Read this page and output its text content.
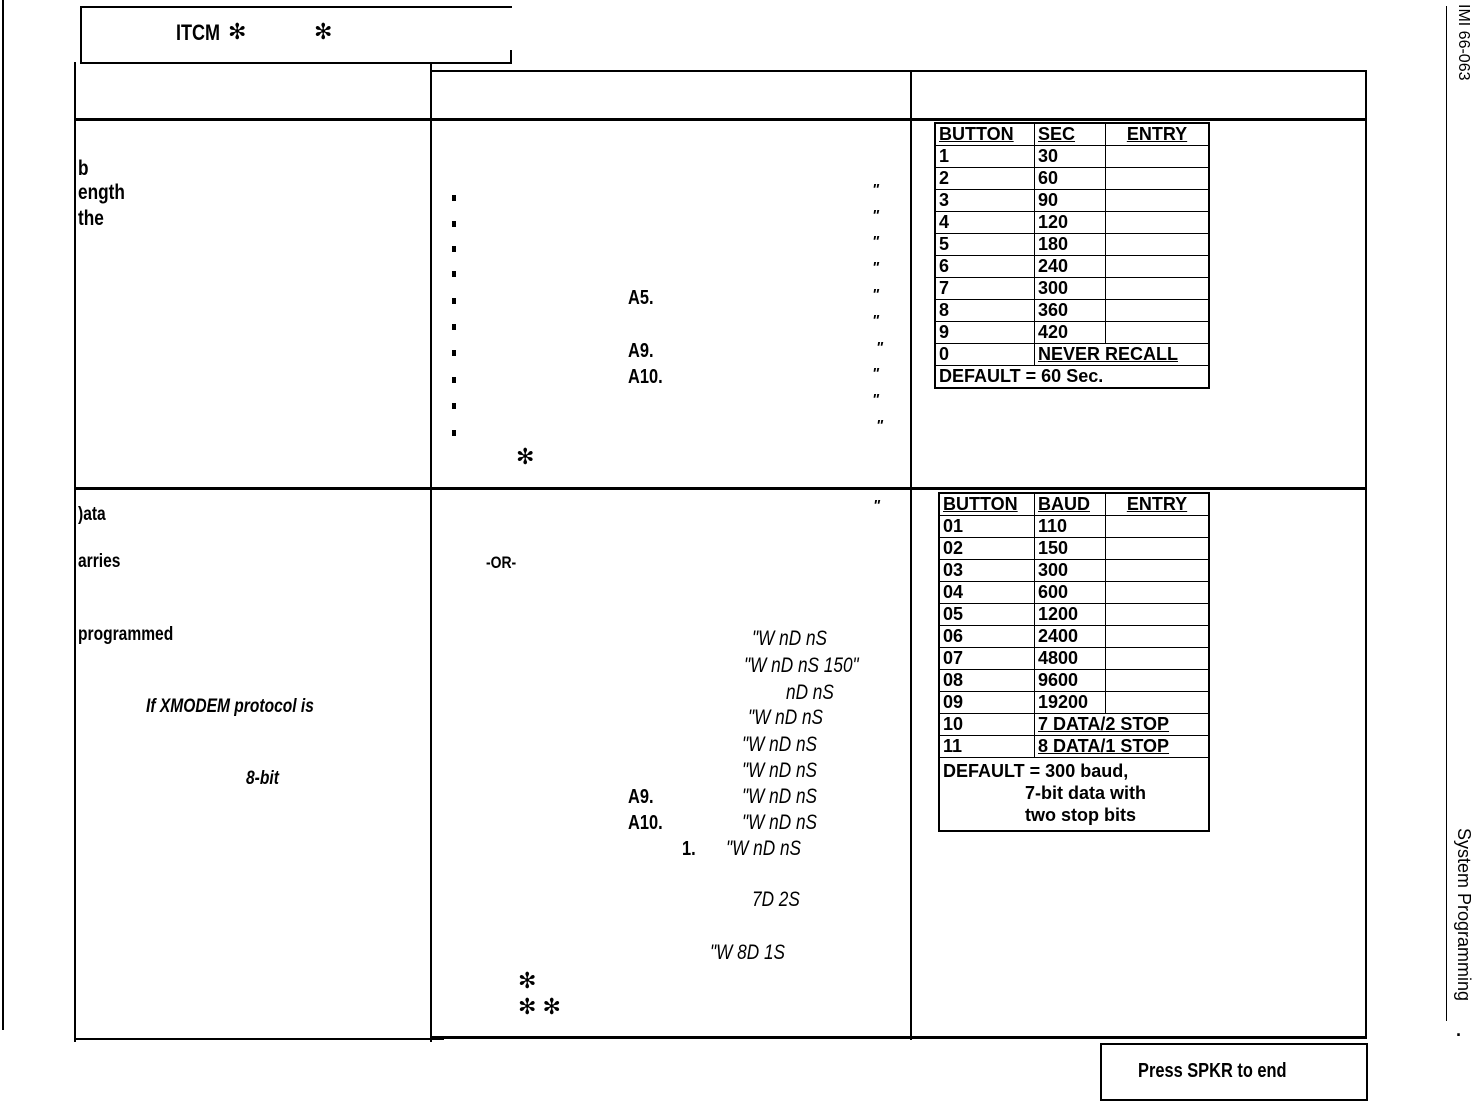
ITCM ✻	✻
b
ength
the
)ata
arries
programmed
If XMODEM protocol is
8-bit
"
"
"
"
"
"
"
"
"
"
A5.
A9.
A10.
✻
"
-OR-
"W nD nS
"W nD nS 150"
nD nS
"W nD nS
"W nD nS
"W nD nS
"W nD nS
"W nD nS
"W nD nS
A9.
A10.
1.
7D 2S
"W 8D 1S
✻
✻ ✻
BUTTON	SEC	ENTRY
1	30	
2	60	
3	90	
4	120	
5	180	
6	240	
7	300	
8	360	
9	420	
0	NEVER RECALL	
DEFAULT = 60 Sec.		
BUTTON	BAUD	ENTRY
01	110	
02	150	
03	300	
04	600	
05	1200	
06	2400	
07	4800	
08	9600	
09	19200	
10	7 DATA/2 STOP	
11	8 DATA/1 STOP	

DEFAULT = 300 baud,
7-bit data with
two stop bits		
IMI 66-063
System Programming
·
Press SPKR to end
